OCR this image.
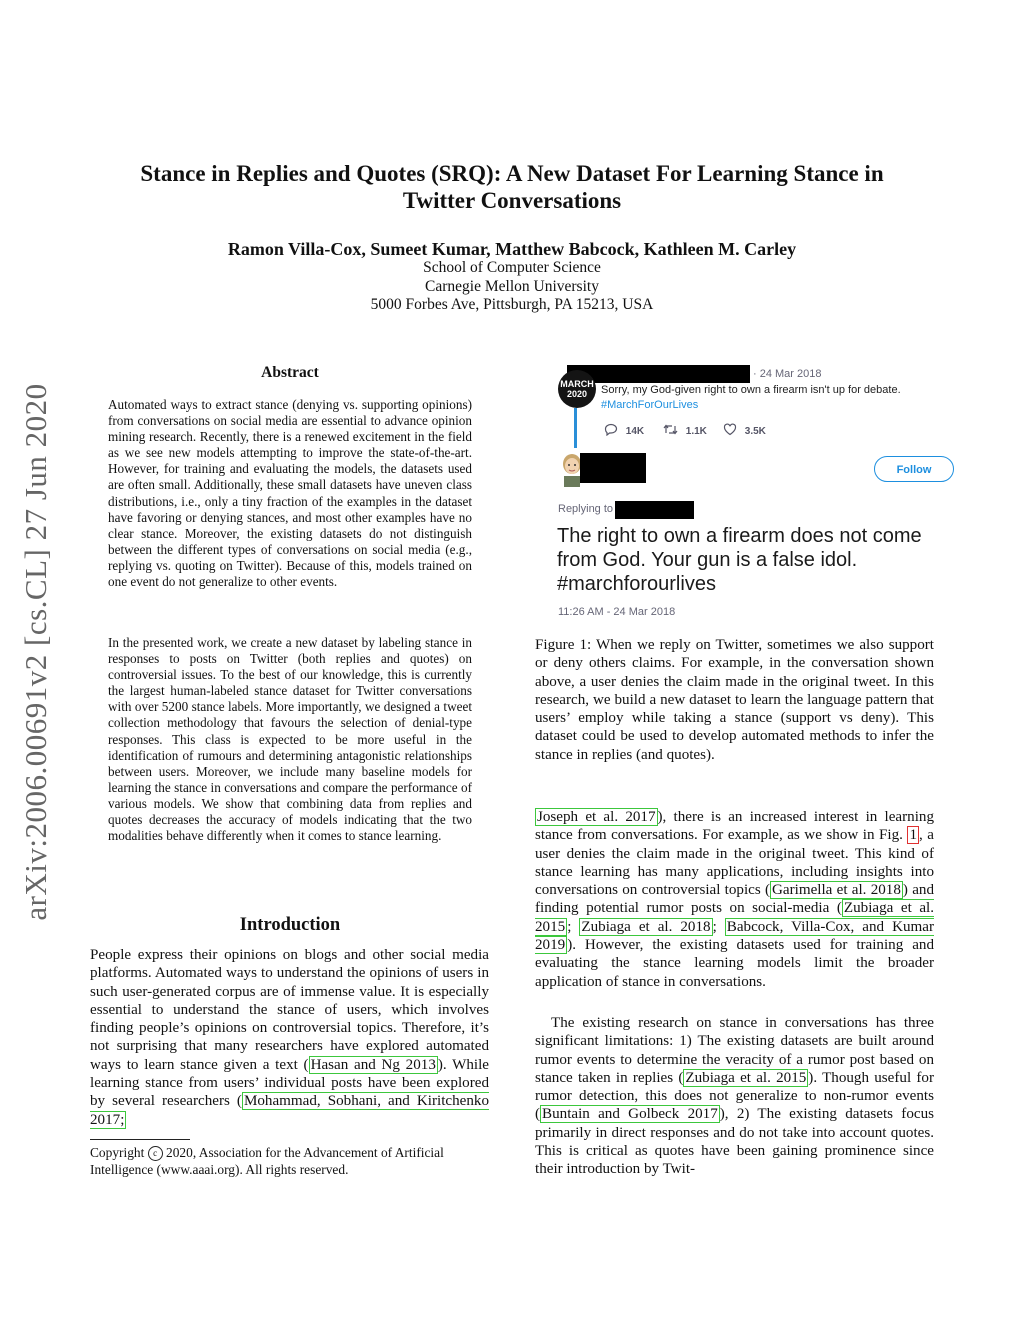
Stance in Replies and Quotes (SRQ): A New Dataset For Learning Stance in
Twitter Conversations
Ramon Villa-Cox, Sumeet Kumar, Matthew Babcock, Kathleen M. Carley
School of Computer Science
Carnegie Mellon University
5000 Forbes Ave, Pittsburgh, PA 15213, USA
arXiv:2006.00691v2 [cs.CL] 27 Jun 2020
Abstract

Automated ways to extract stance (denying vs. supporting opinions) from conversations on social media are essential to advance opinion mining research. Recently, there is a renewed excitement in the field as we see new models attempting to improve the state-of-the-art. However, for training and evaluating the models, the datasets used are often small. Additionally, these small datasets have uneven class distributions, i.e., only a tiny fraction of the examples in the dataset have favoring or denying stances, and most other examples have no clear stance. Moreover, the existing datasets do not distinguish between the different types of conversations on social media (e.g., replying vs. quoting on Twitter). Because of this, models trained on one event do not generalize to other events.

In the presented work, we create a new dataset by labeling stance in responses to posts on Twitter (both replies and quotes) on controversial issues. To the best of our knowledge, this is currently the largest human-labeled stance dataset for Twitter conversations with over 5200 stance labels. More importantly, we designed a tweet collection methodology that favours the selection of denial-type responses. This class is expected to be more useful in the identification of rumours and determining antagonistic relationships between users. Moreover, we include many baseline models for learning the stance in conversations and compare the performance of various models. We show that combining data from replies and quotes decreases the accuracy of models indicating that the two modalities behave differently when it comes to stance learning.

Introduction

People express their opinions on blogs and other social media platforms. Automated ways to understand the opinions of users in such user-generated corpus are of immense value. It is especially essential to understand the stance of users, which involves finding people’s opinions on controversial topics. Therefore, it’s not surprising that many researchers have explored automated ways to learn stance given a text ( Hasan and Ng 2013 ). While learning stance from users’ individual posts have been explored by several researchers ( Mohammad, Sobhani, and Kiritchenko 2017;

Copyright c 2020, Association for the Advancement of Artificial Intelligence (www.aaai.org). All rights reserved.
· 24 Mar 2018
MARCH 2020	Sorry, my God-given right to own a firearm isn't up for debate.
#MarchForOurLives
14K	1.1K	3.5K
Follow
Replying to
The right to own a firearm does not come
from God. Your gun is a false idol.
#marchforourlives
11:26 AM - 24 Mar 2018

Figure 1: When we reply on Twitter, sometimes we also support or deny others claims. For example, in the conversation shown above, a user denies the claim made in the original tweet. In this research, we build a new dataset to learn the language pattern that users’ employ while taking a stance (support vs deny). This dataset could be used to develop automated methods to infer the stance in replies (and quotes).

Joseph et al. 2017 ), there is an increased interest in learning stance from conversations. For example, as we show in Fig. 1 , a user denies the claim made in the original tweet. This kind of stance learning has many applications, including insights into conversations on controversial topics ( Garimella et al. 2018 ) and finding potential rumor posts on social-media ( Zubiaga et al. 2015 ; Zubiaga et al. 2018 ; Babcock, Villa-Cox, and Kumar 2019 ). However, the existing datasets used for training and evaluating the stance learning models limit the broader application of stance in conversations.

The existing research on stance in conversations has three significant limitations: 1) The existing datasets are built around rumor events to determine the veracity of a rumor post based on stance taken in replies ( Zubiaga et al. 2015 ). Though useful for rumor detection, this does not generalize to non-rumor events ( Buntain and Golbeck 2017 ), 2) The existing datasets focus primarily in direct responses and do not take into account quotes. This is critical as quotes have been gaining prominence since their introduction by Twit-
